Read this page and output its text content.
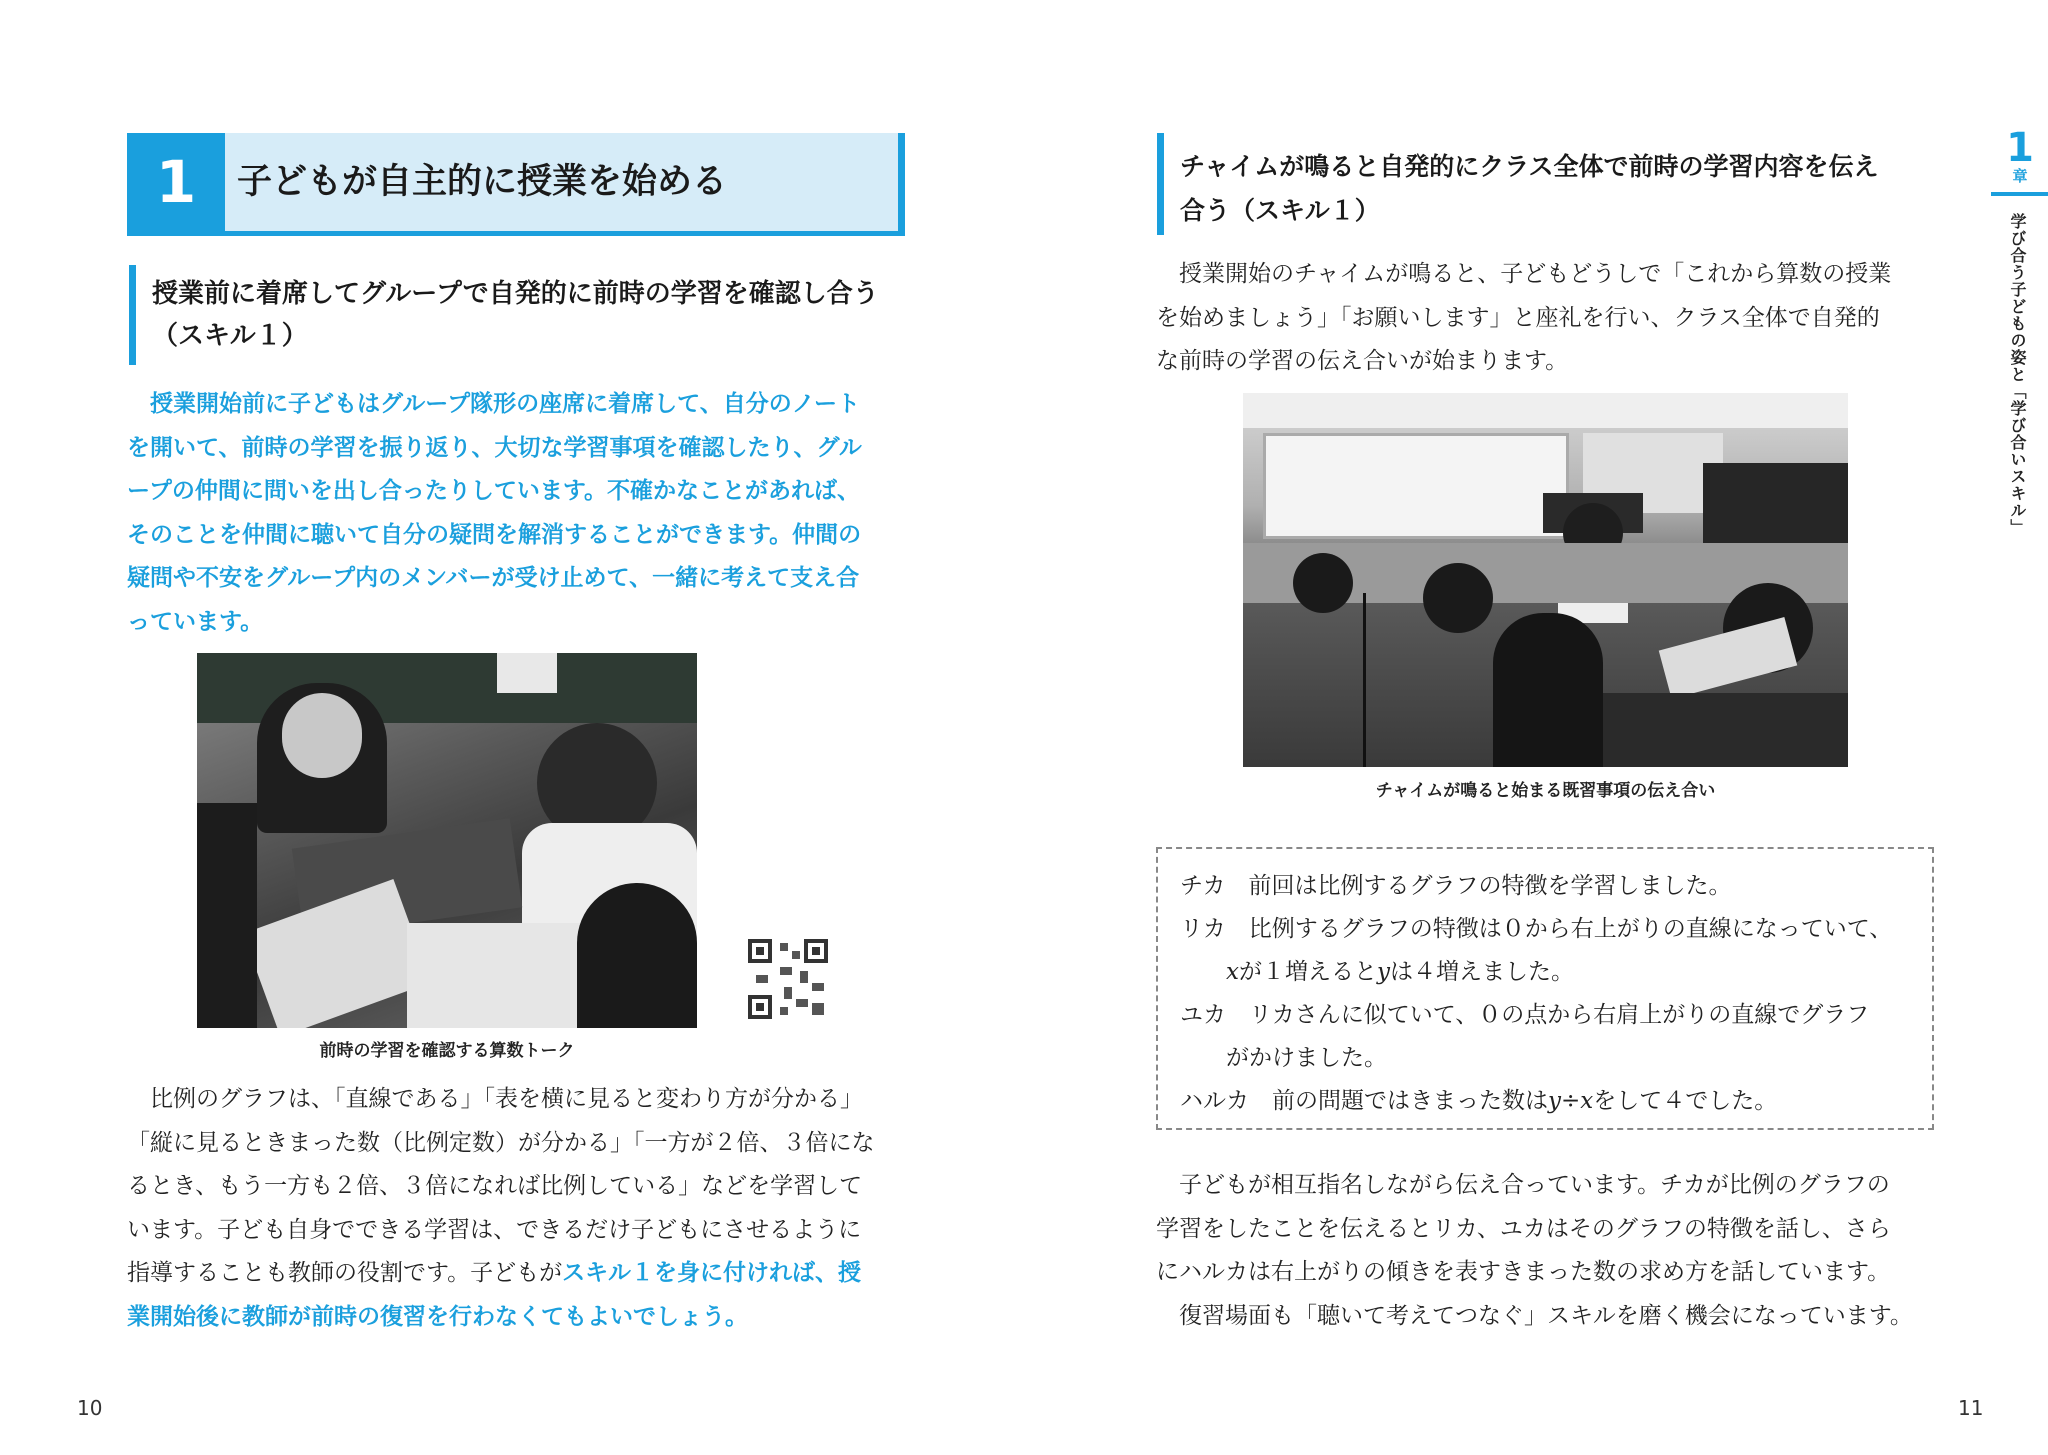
1	子どもが自主的に授業を始める
授業前に着席してグループで自発的に前時の学習を確認し合う
（スキル１）
　授業開始前に子どもはグループ隊形の座席に着席して、自分のノート
を開いて、前時の学習を振り返り、大切な学習事項を確認したり、グル
ープの仲間に問いを出し合ったりしています。不確かなことがあれば、
そのことを仲間に聴いて自分の疑問を解消することができます。仲間の
疑問や不安をグループ内のメンバーが受け止めて、一緒に考えて支え合
っています。
前時の学習を確認する算数トーク
　比例のグラフは、「直線である」「表を横に見ると変わり方が分かる」
「縦に見るときまった数（比例定数）が分かる」「一方が２倍、３倍にな
るとき、もう一方も２倍、３倍になれば比例している」などを学習して
います。子ども自身でできる学習は、できるだけ子どもにさせるように
指導することも教師の役割です。子どもがスキル１を身に付ければ、授
業開始後に教師が前時の復習を行わなくてもよいでしょう。
10
チャイムが鳴ると自発的にクラス全体で前時の学習内容を伝え
合う（スキル１）
　授業開始のチャイムが鳴ると、子どもどうしで「これから算数の授業
を始めましょう」「お願いします」と座礼を行い、クラス全体で自発的
な前時の学習の伝え合いが始まります。
チャイムが鳴ると始まる既習事項の伝え合い
チカ　前回は比例するグラフの特徴を学習しました。
リカ　比例するグラフの特徴は０から右上がりの直線になっていて、
　　𝑥が１増えると𝑦は４増えました。
ユカ　リカさんに似ていて、０の点から右肩上がりの直線でグラフ
　　がかけました。
ハルカ　前の問題ではきまった数は𝑦÷𝑥をして４でした。
　子どもが相互指名しながら伝え合っています。チカが比例のグラフの
学習をしたことを伝えるとリカ、ユカはそのグラフの特徴を話し、さら
にハルカは右上がりの傾きを表すきまった数の求め方を話しています。
　復習場面も「聴いて考えてつなぐ」スキルを磨く機会になっています。
11
1
章
学び合う子どもの姿と「学び合いスキル」
